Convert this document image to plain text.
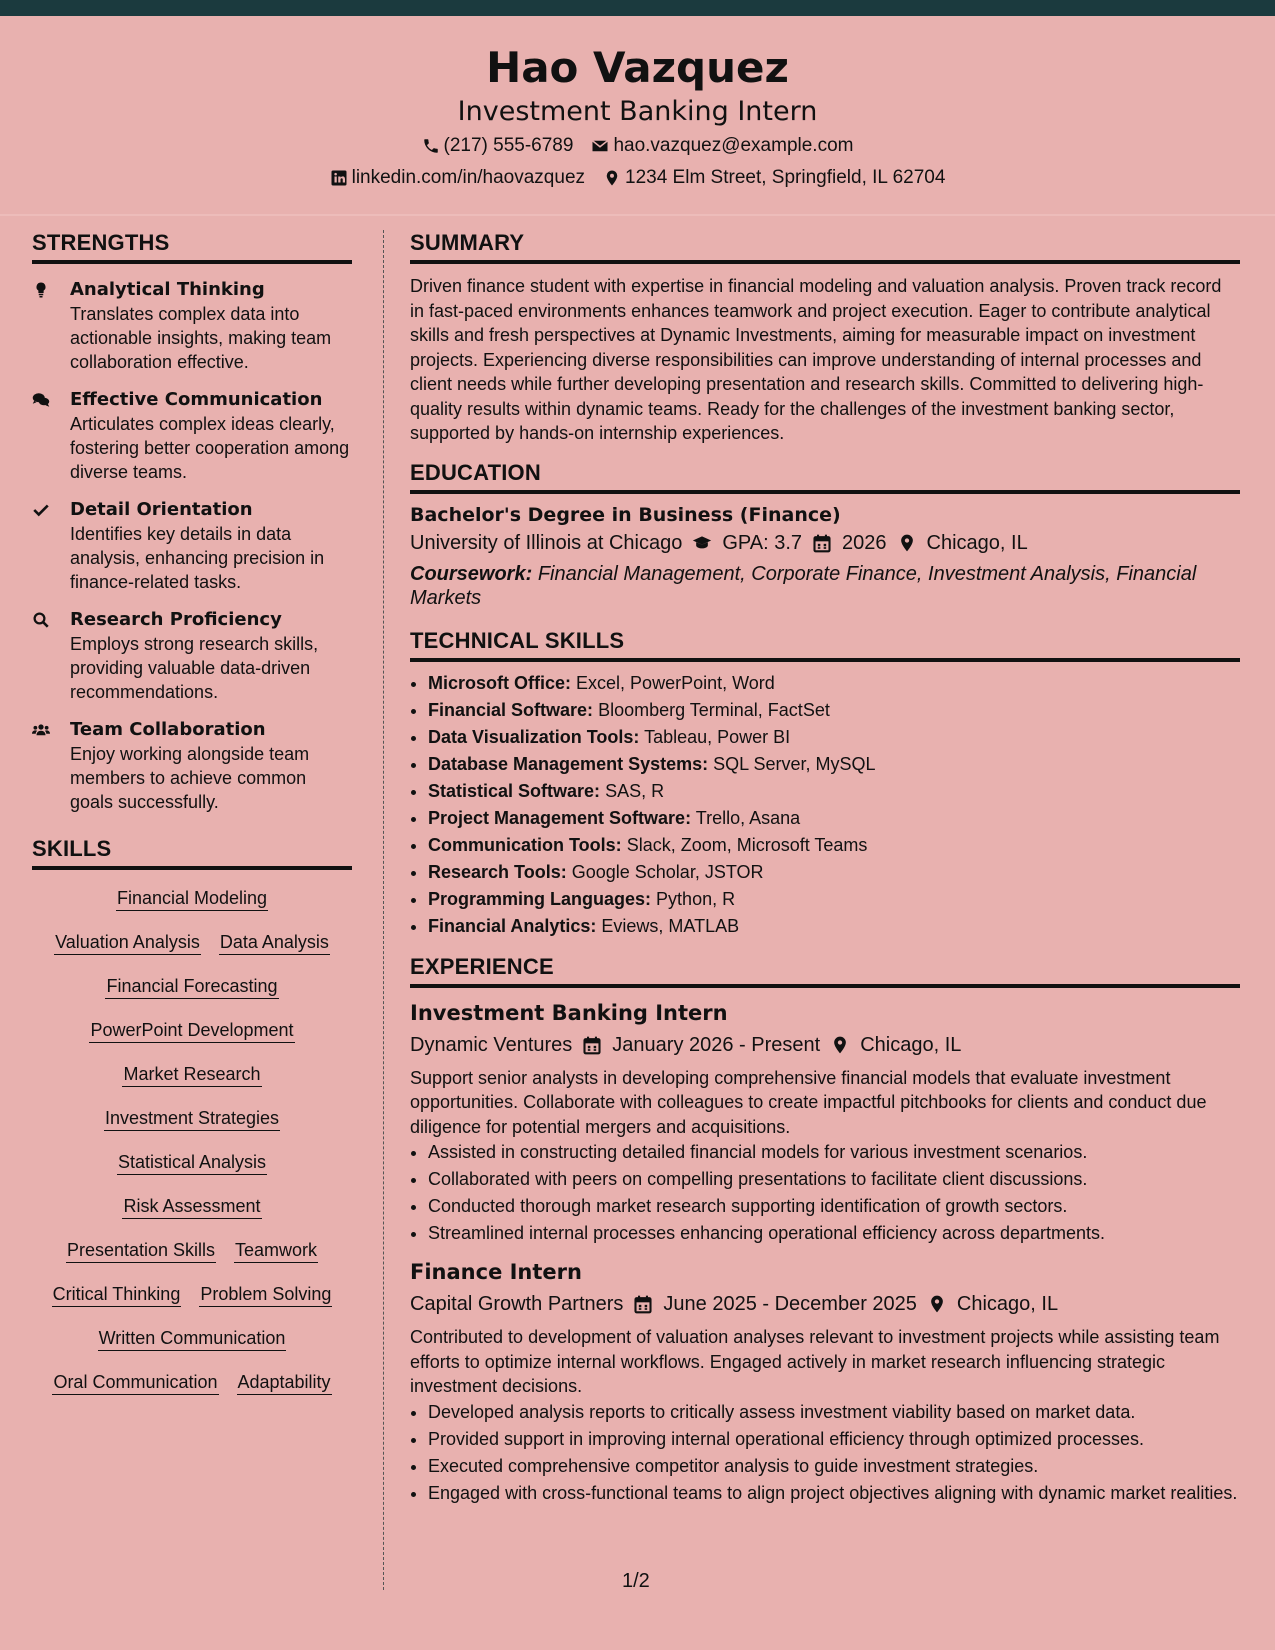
Hao Vazquez
Investment Banking Intern
(217) 555-6789 hao.vazquez@example.com
linkedin.com/in/haovazquez 1234 Elm Street, Springfield, IL 62704
STRENGTHS
Analytical Thinking
Translates complex data into actionable insights, making team collaboration effective.
Effective Communication
Articulates complex ideas clearly, fostering better cooperation among diverse teams.
Detail Orientation
Identifies key details in data analysis, enhancing precision in finance-related tasks.
Research Proficiency
Employs strong research skills, providing valuable data-driven recommendations.
Team Collaboration
Enjoy working alongside team members to achieve common goals successfully.
SKILLS
Financial Modeling
Valuation Analysis Data Analysis
Financial Forecasting
PowerPoint Development
Market Research
Investment Strategies
Statistical Analysis
Risk Assessment
Presentation Skills Teamwork
Critical Thinking Problem Solving
Written Communication
Oral Communication Adaptability
SUMMARY
Driven finance student with expertise in financial modeling and valuation analysis. Proven track record in fast-paced environments enhances teamwork and project execution. Eager to contribute analytical skills and fresh perspectives at Dynamic Investments, aiming for measurable impact on investment projects. Experiencing diverse responsibilities can improve understanding of internal processes and client needs while further developing presentation and research skills. Committed to delivering high-quality results within dynamic teams. Ready for the challenges of the investment banking sector, supported by hands-on internship experiences.
EDUCATION
Bachelor's Degree in Business (Finance)
University of Illinois at Chicago GPA: 3.7 2026 Chicago, IL
Coursework: Financial Management, Corporate Finance, Investment Analysis, Financial Markets
TECHNICAL SKILLS
• Microsoft Office: Excel, PowerPoint, Word
• Financial Software: Bloomberg Terminal, FactSet
• Data Visualization Tools: Tableau, Power BI
• Database Management Systems: SQL Server, MySQL
• Statistical Software: SAS, R
• Project Management Software: Trello, Asana
• Communication Tools: Slack, Zoom, Microsoft Teams
• Research Tools: Google Scholar, JSTOR
• Programming Languages: Python, R
• Financial Analytics: Eviews, MATLAB
EXPERIENCE
Investment Banking Intern
Dynamic Ventures January 2026 - Present Chicago, IL
Support senior analysts in developing comprehensive financial models that evaluate investment opportunities. Collaborate with colleagues to create impactful pitchbooks for clients and conduct due diligence for potential mergers and acquisitions.
• Assisted in constructing detailed financial models for various investment scenarios.
• Collaborated with peers on compelling presentations to facilitate client discussions.
• Conducted thorough market research supporting identification of growth sectors.
• Streamlined internal processes enhancing operational efficiency across departments.
Finance Intern
Capital Growth Partners June 2025 - December 2025 Chicago, IL
Contributed to development of valuation analyses relevant to investment projects while assisting team efforts to optimize internal workflows. Engaged actively in market research influencing strategic investment decisions.
• Developed analysis reports to critically assess investment viability based on market data.
• Provided support in improving internal operational efficiency through optimized processes.
• Executed comprehensive competitor analysis to guide investment strategies.
• Engaged with cross-functional teams to align project objectives aligning with dynamic market realities.
1/2
